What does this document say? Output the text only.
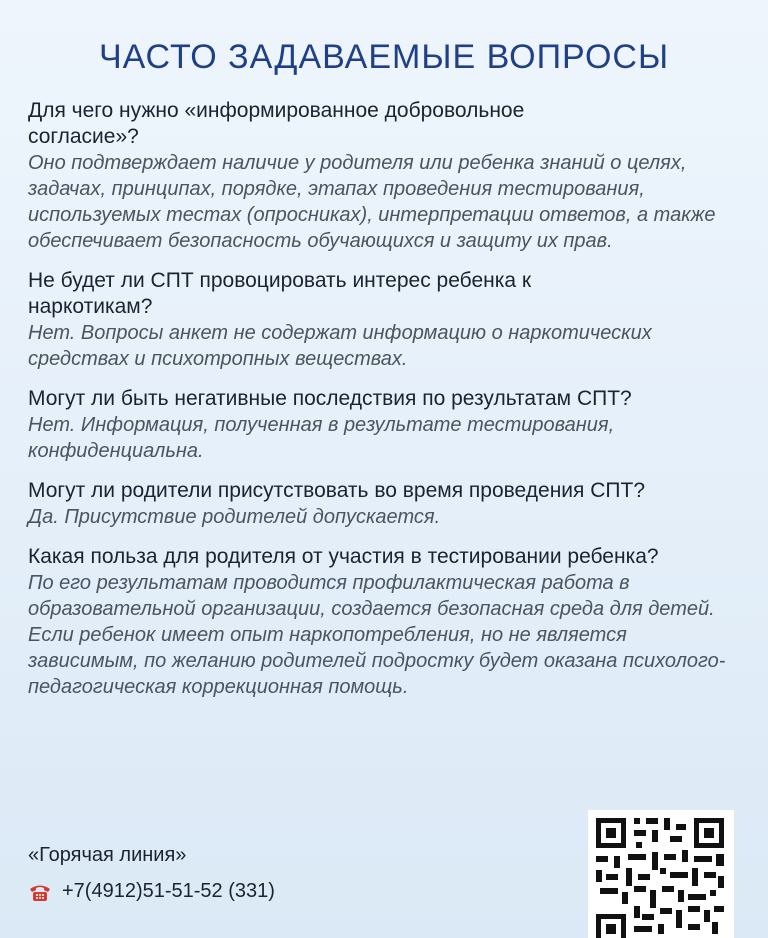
ЧАСТО ЗАДАВАЕМЫЕ ВОПРОСЫ
Для чего нужно «информированное добровольное согласие»?
Оно подтверждает наличие у родителя или ребенка знаний о целях, задачах, принципах, порядке, этапах проведения тестирования, используемых тестах (опросниках), интерпретации ответов, а также обеспечивает безопасность обучающихся и защиту их прав.
Не будет ли СПТ провоцировать интерес ребенка к наркотикам?
Нет. Вопросы анкет не содержат информацию о наркотических средствах и психотропных веществах.
Могут ли быть негативные последствия по результатам СПТ?
Нет. Информация, полученная в результате тестирования, конфиденциальна.
Могут ли родители присутствовать во время проведения СПТ?
Да. Присутствие родителей допускается.
Какая польза для родителя от участия в тестировании ребенка?
По его результатам проводится профилактическая работа в образовательной организации, создается безопасная среда для детей. Если ребенок имеет опыт наркопотребления, но не является зависимым, по желанию родителей подростку будет оказана психолого-педагогическая коррекционная помощь.
«Горячая линия»
+7(4912)51-51-52 (331)
